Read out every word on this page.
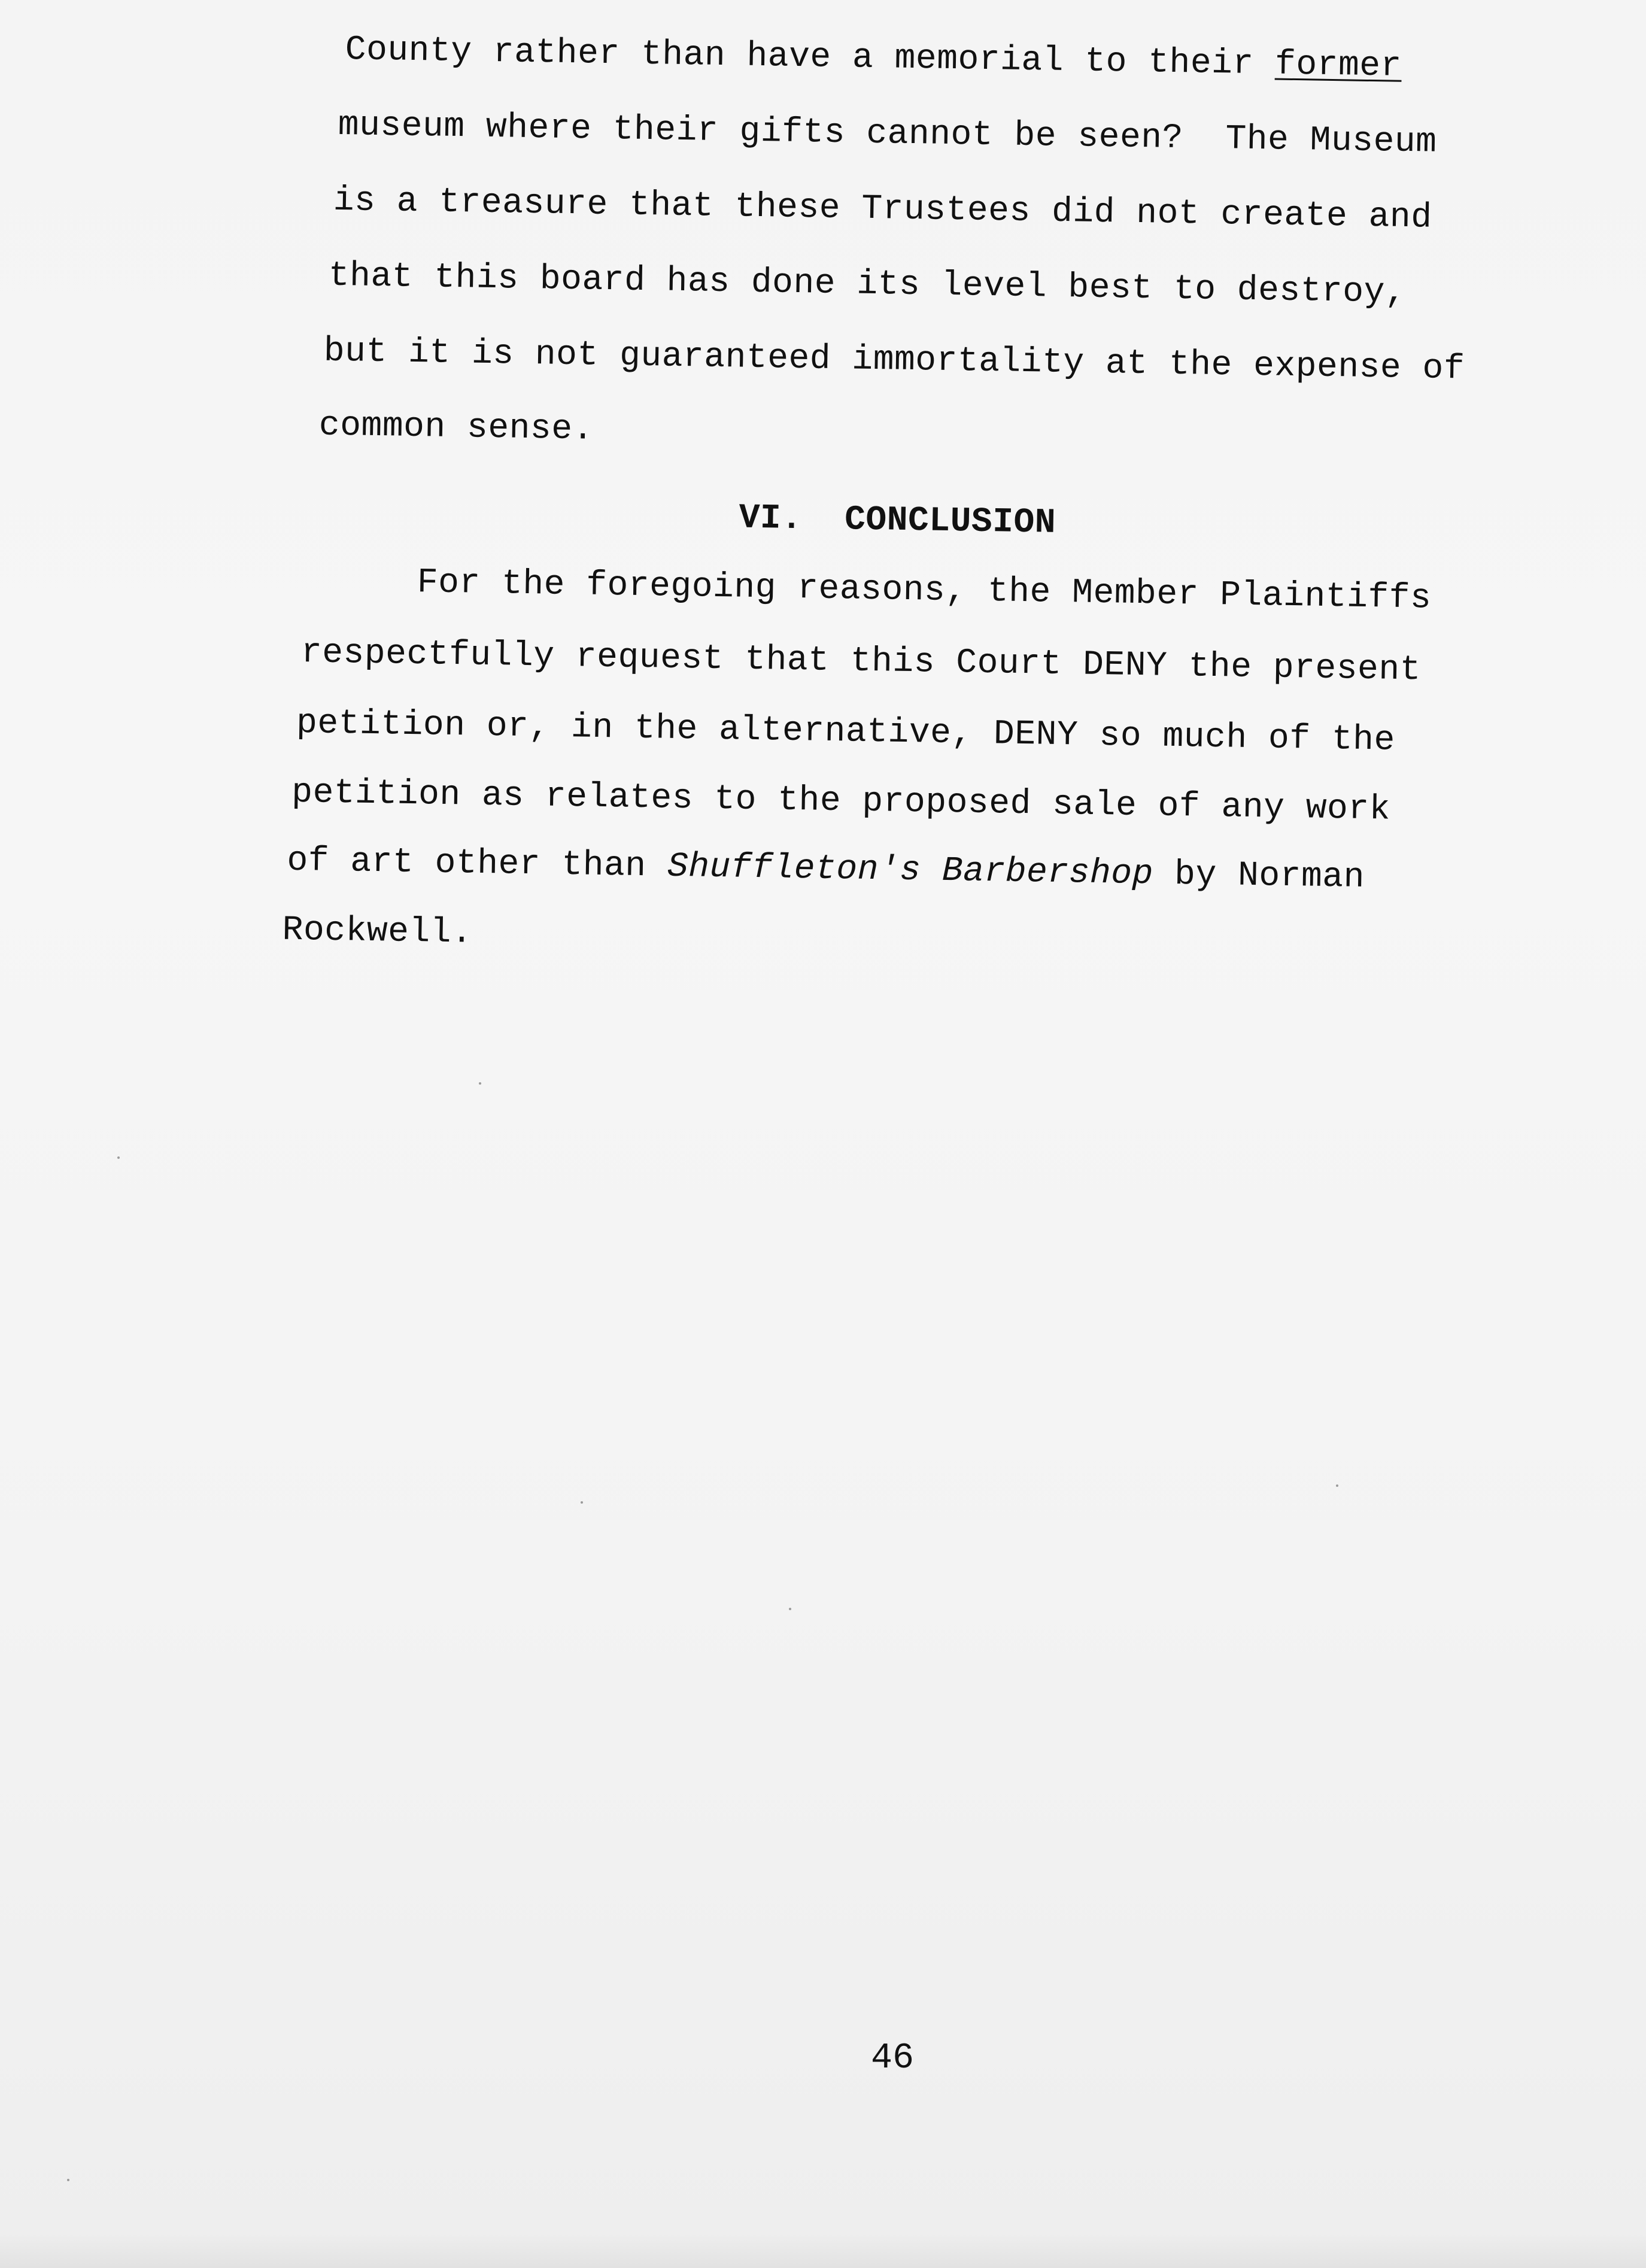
County rather than have a memorial to their former
museum where their gifts cannot be seen?  The Museum
is a treasure that these Trustees did not create and
that this board has done its level best to destroy,
but it is not guaranteed immortality at the expense of
common sense.
VI. CONCLUSION
For the foregoing reasons, the Member Plaintiffs
respectfully request that this Court DENY the present
petition or, in the alternative, DENY so much of the
petition as relates to the proposed sale of any work
of art other than Shuffleton's Barbershop by Norman
Rockwell.
46
